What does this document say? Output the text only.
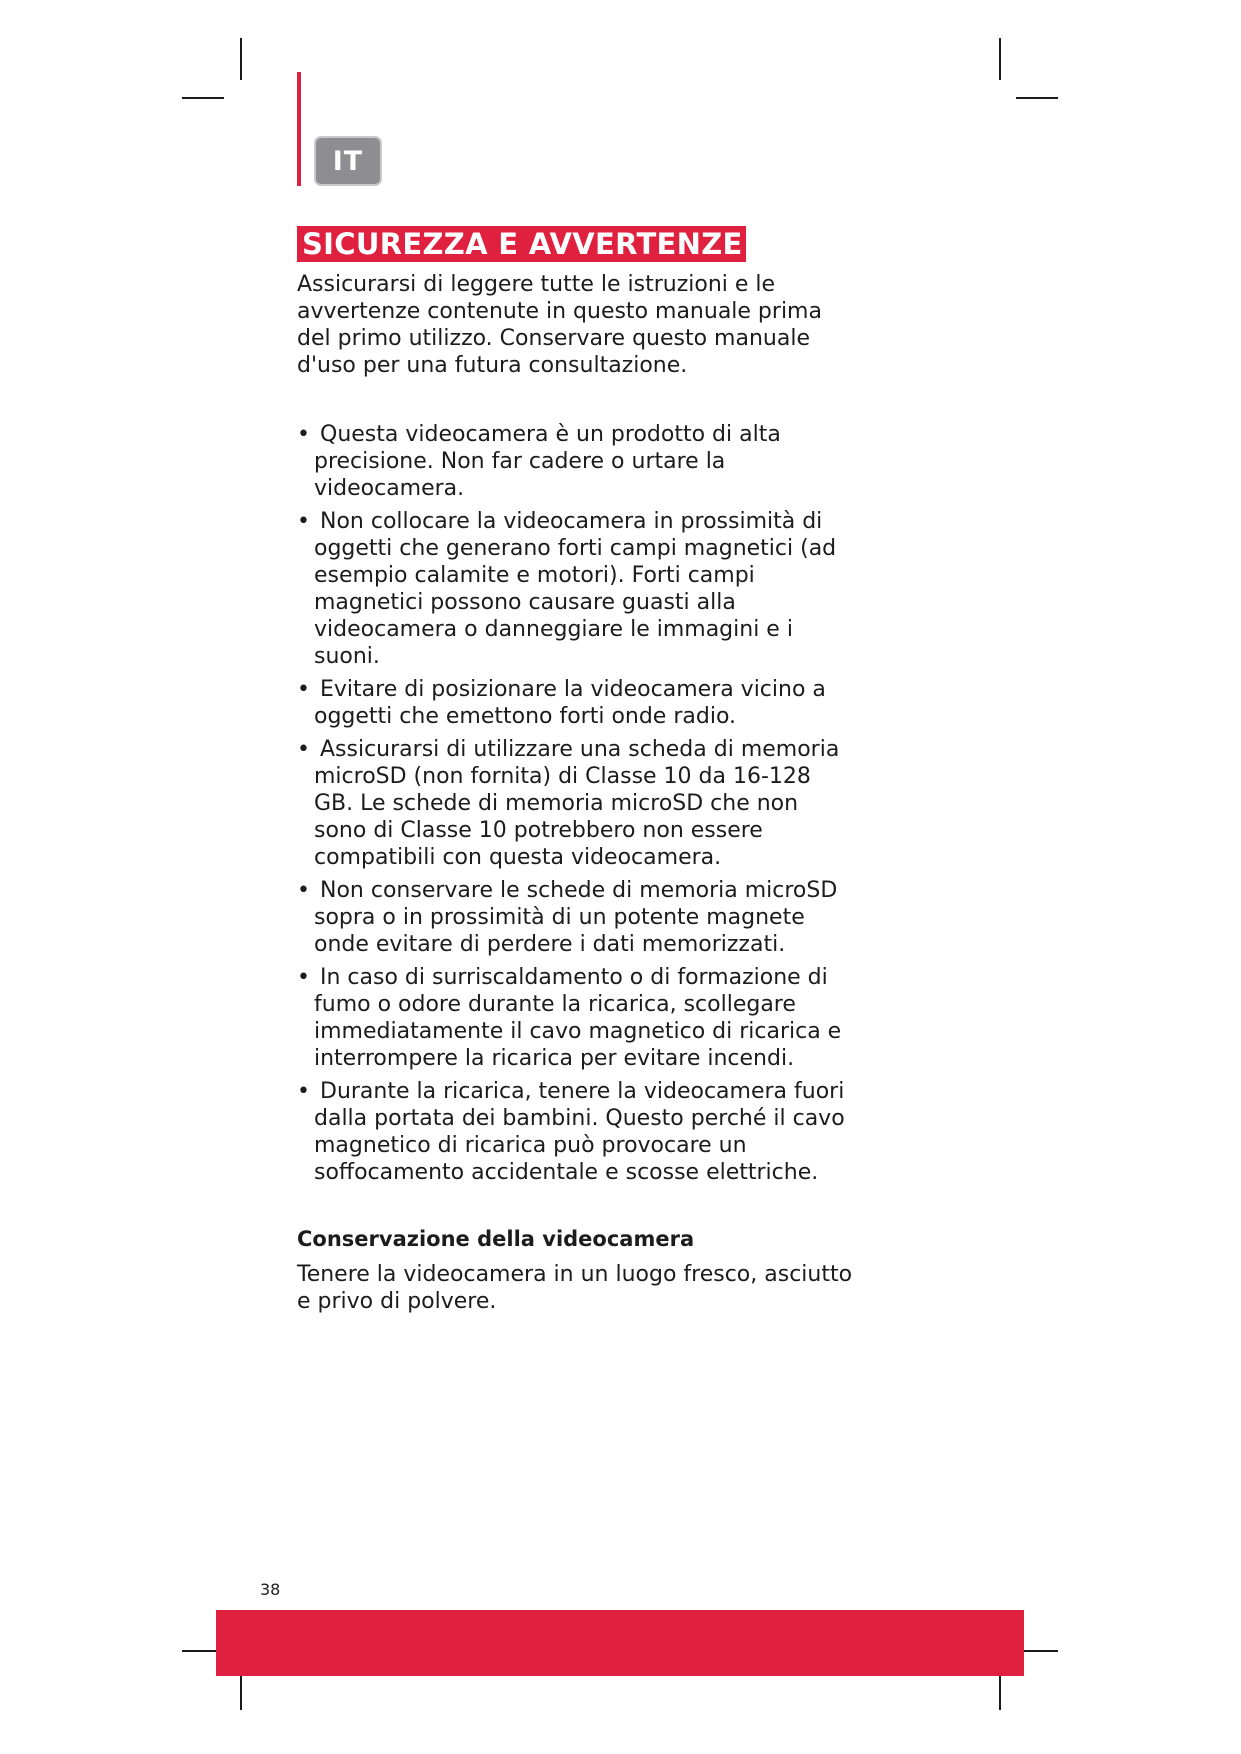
IT
SICUREZZA E AVVERTENZE

Assicurarsi di leggere tutte le istruzioni e le avvertenze contenute in questo manuale prima del primo utilizzo. Conservare questo manuale d'uso per una futura consultazione.

• Questa videocamera è un prodotto di alta precisione. Non far cadere o urtare la videocamera.
• Non collocare la videocamera in prossimità di oggetti che generano forti campi magnetici (ad esempio calamite e motori). Forti campi magnetici possono causare guasti alla videocamera o danneggiare le immagini e i suoni.
• Evitare di posizionare la videocamera vicino a oggetti che emettono forti onde radio.
• Assicurarsi di utilizzare una scheda di memoria microSD (non fornita) di Classe 10 da 16-128 GB. Le schede di memoria microSD che non sono di Classe 10 potrebbero non essere compatibili con questa videocamera.
• Non conservare le schede di memoria microSD sopra o in prossimità di un potente magnete onde evitare di perdere i dati memorizzati.
• In caso di surriscaldamento o di formazione di fumo o odore durante la ricarica, scollegare immediatamente il cavo magnetico di ricarica e interrompere la ricarica per evitare incendi.
• Durante la ricarica, tenere la videocamera fuori dalla portata dei bambini. Questo perché il cavo magnetico di ricarica può provocare un soffocamento accidentale e scosse elettriche.
Conservazione della videocamera

Tenere la videocamera in un luogo fresco, asciutto e privo di polvere.

38
